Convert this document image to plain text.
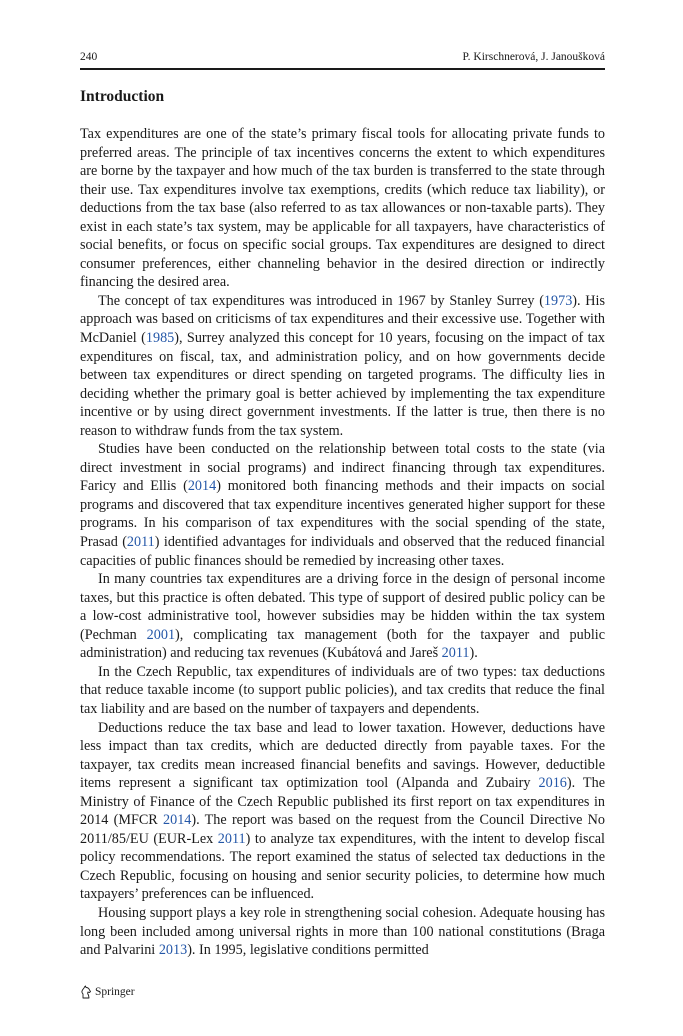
240	P. Kirschnerová, J. Janoušková
Introduction

Tax expenditures are one of the state’s primary fiscal tools for allocating private funds to preferred areas. The principle of tax incentives concerns the extent to which expenditures are borne by the taxpayer and how much of the tax burden is transferred to the state through their use. Tax expenditures involve tax exemptions, credits (which reduce tax liability), or deductions from the tax base (also referred to as tax allowances or non-taxable parts). They exist in each state’s tax system, may be applicable for all taxpayers, have characteristics of social benefits, or focus on specific social groups. Tax expenditures are designed to direct consumer preferences, either channeling behavior in the desired direction or indirectly financing the desired area.

The concept of tax expenditures was introduced in 1967 by Stanley Surrey (1973). His approach was based on criticisms of tax expenditures and their excessive use. Together with McDaniel (1985), Surrey analyzed this concept for 10 years, focusing on the impact of tax expenditures on fiscal, tax, and administration policy, and on how governments decide between tax expenditures or direct spending on targeted programs. The difficulty lies in deciding whether the primary goal is better achieved by implementing the tax expenditure incentive or by using direct government investments. If the latter is true, then there is no reason to withdraw funds from the tax system.

Studies have been conducted on the relationship between total costs to the state (via direct investment in social programs) and indirect financing through tax expenditures. Faricy and Ellis (2014) monitored both financing methods and their impacts on social programs and discovered that tax expenditure incentives generated higher support for these programs. In his comparison of tax expenditures with the social spending of the state, Prasad (2011) identified advantages for individuals and observed that the reduced financial capacities of public finances should be remedied by increasing other taxes.

In many countries tax expenditures are a driving force in the design of personal income taxes, but this practice is often debated. This type of support of desired public policy can be a low-cost administrative tool, however subsidies may be hidden within the tax system (Pechman 2001), complicating tax management (both for the taxpayer and public administration) and reducing tax revenues (Kubátová and Jareš 2011).

In the Czech Republic, tax expenditures of individuals are of two types: tax deductions that reduce taxable income (to support public policies), and tax credits that reduce the final tax liability and are based on the number of taxpayers and dependents.

Deductions reduce the tax base and lead to lower taxation. However, deductions have less impact than tax credits, which are deducted directly from payable taxes. For the taxpayer, tax credits mean increased financial benefits and savings. However, deductible items represent a significant tax optimization tool (Alpanda and Zubairy 2016). The Ministry of Finance of the Czech Republic published its first report on tax expenditures in 2014 (MFCR 2014). The report was based on the request from the Council Directive No 2011/85/EU (EUR-Lex 2011) to analyze tax expenditures, with the intent to develop fiscal policy recommendations. The report examined the status of selected tax deductions in the Czech Republic, focusing on housing and senior security policies, to determine how much taxpayers’ preferences can be influenced.

Housing support plays a key role in strengthening social cohesion. Adequate housing has long been included among universal rights in more than 100 national constitutions (Braga and Palvarini 2013). In 1995, legislative conditions permitted

Springer
